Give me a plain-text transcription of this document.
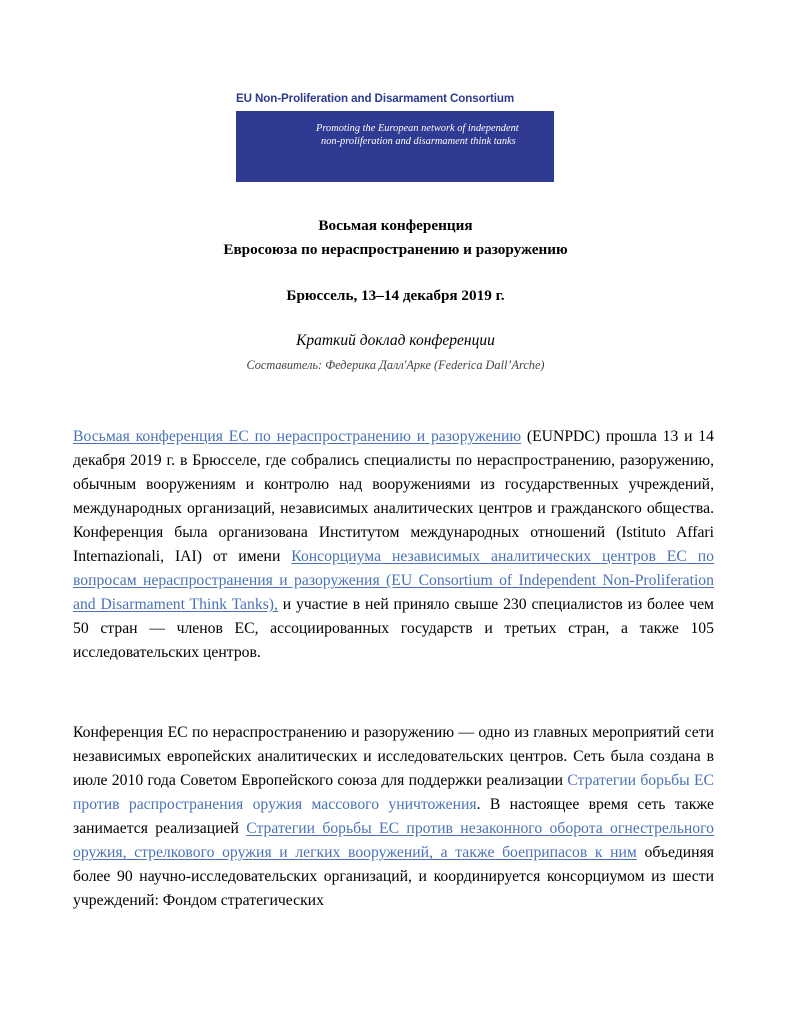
EU Non-Proliferation and Disarmament Consortium
Promoting the European network of independent
non-proliferation and disarmament think tanks
Восьмая конференция
Евросоюза по нераспространению и разоружению
Брюссель, 13–14 декабря 2019 г.
Краткий доклад конференции
Составитель: Федерика Далл'Арке (Federica Dall’Arche)
Восьмая конференция ЕС по нераспространению и разоружению (EUNPDC) прошла 13 и 14 декабря 2019 г. в Брюсселе, где собрались специалисты по нераспространению, разоружению, обычным вооружениям и контролю над вооружениями из государственных учреждений, международных организаций, независимых аналитических центров и гражданского общества. Конференция была организована Институтом международных отношений (Istituto Affari Internazionali, IAI) от имени Консорциума независимых аналитических центров ЕС по вопросам нераспространения и разоружения (EU Consortium of Independent Non-Proliferation and Disarmament Think Tanks), и участие в ней приняло свыше 230 специалистов из более чем 50 стран — членов ЕС, ассоциированных государств и третьих стран, а также 105 исследовательских центров.
Конференция ЕС по нераспространению и разоружению — одно из главных мероприятий сети независимых европейских аналитических и исследовательских центров. Сеть была создана в июле 2010 года Советом Европейского союза для поддержки реализации Стратегии борьбы ЕС против распространения оружия массового уничтожения. В настоящее время сеть также занимается реализацией Стратегии борьбы ЕС против незаконного оборота огнестрельного оружия, стрелкового оружия и легких вооружений, а также боеприпасов к ним объединяя более 90 научно-исследовательских организаций, и координируется консорциумом из шести учреждений: Фондом стратегических
